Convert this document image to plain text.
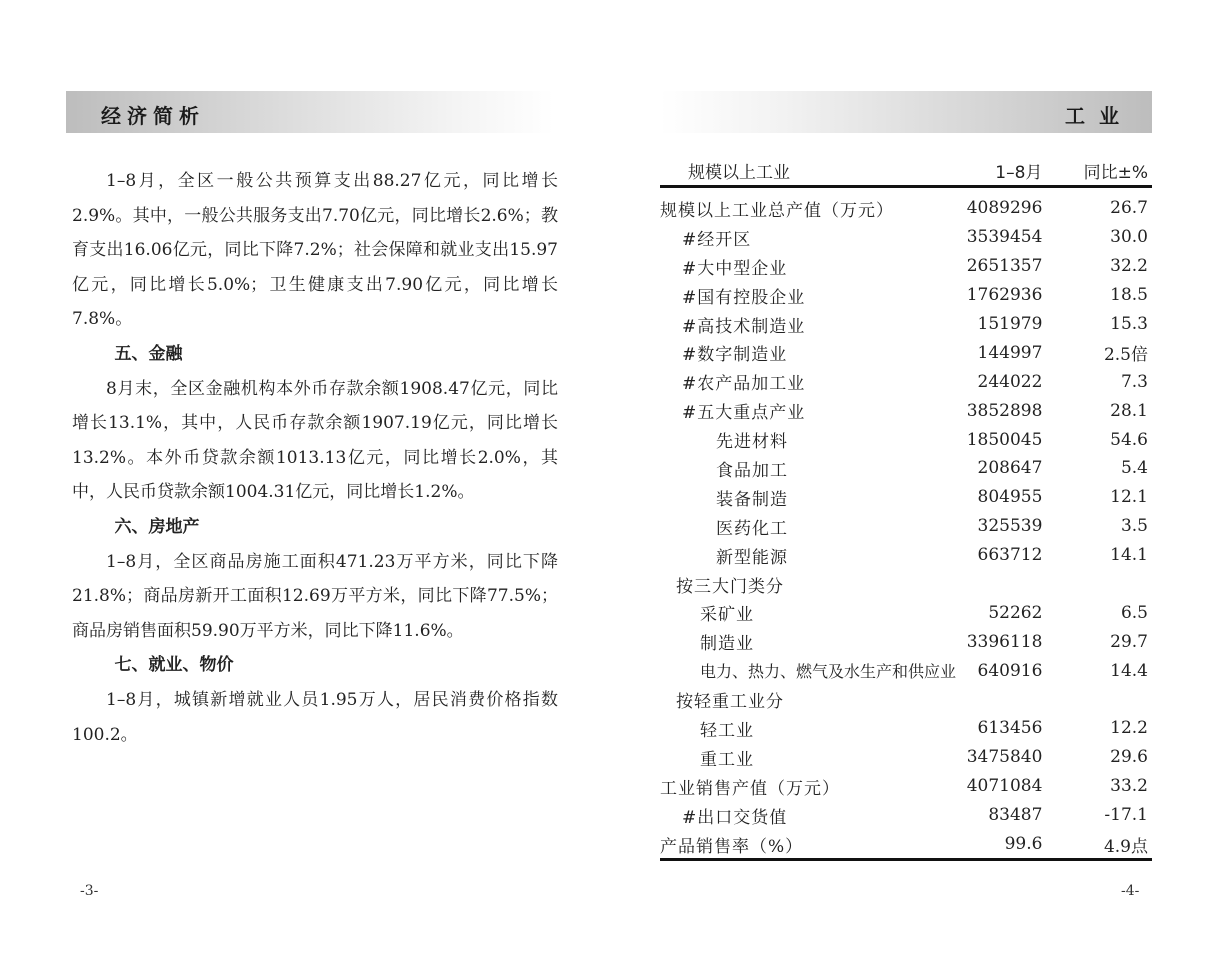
经济简析

1–8月，全区一般公共预算支出88.27亿元，同比增长2.9%。其中，一般公共服务支出7.70亿元，同比增长2.6%；教育支出16.06亿元，同比下降7.2%；社会保障和就业支出15.97亿元，同比增长5.0%；卫生健康支出7.90亿元，同比增长7.8%。

五、金融

8月末，全区金融机构本外币存款余额1908.47亿元，同比增长13.1%，其中，人民币存款余额1907.19亿元，同比增长13.2%。本外币贷款余额1013.13亿元，同比增长2.0%，其中，人民币贷款余额1004.31亿元，同比增长1.2%。

六、房地产

1–8月，全区商品房施工面积471.23万平方米，同比下降21.8%；商品房新开工面积12.69万平方米，同比下降77.5%；商品房销售面积59.90万平方米，同比下降11.6%。

七、就业、物价

1–8月，城镇新增就业人员1.95万人，居民消费价格指数100.2。

-3-
工业
规模以上工业	1–8月	同比±%
规模以上工业总产值（万元）	4089296	26.7
#经开区	3539454	30.0
#大中型企业	2651357	32.2
#国有控股企业	1762936	18.5
#高技术制造业	151979	15.3
#数字制造业	144997	2.5倍
#农产品加工业	244022	7.3
#五大重点产业	3852898	28.1
先进材料	1850045	54.6
食品加工	208647	5.4
装备制造	804955	12.1
医药化工	325539	3.5
新型能源	663712	14.1
按三大门类分		
采矿业	52262	6.5
制造业	3396118	29.7
电力、热力、燃气及水生产和供应业	640916	14.4
按轻重工业分		
轻工业	613456	12.2
重工业	3475840	29.6
工业销售产值（万元）	4071084	33.2
#出口交货值	83487	-17.1
产品销售率（%）	99.6	4.9点
-4-
